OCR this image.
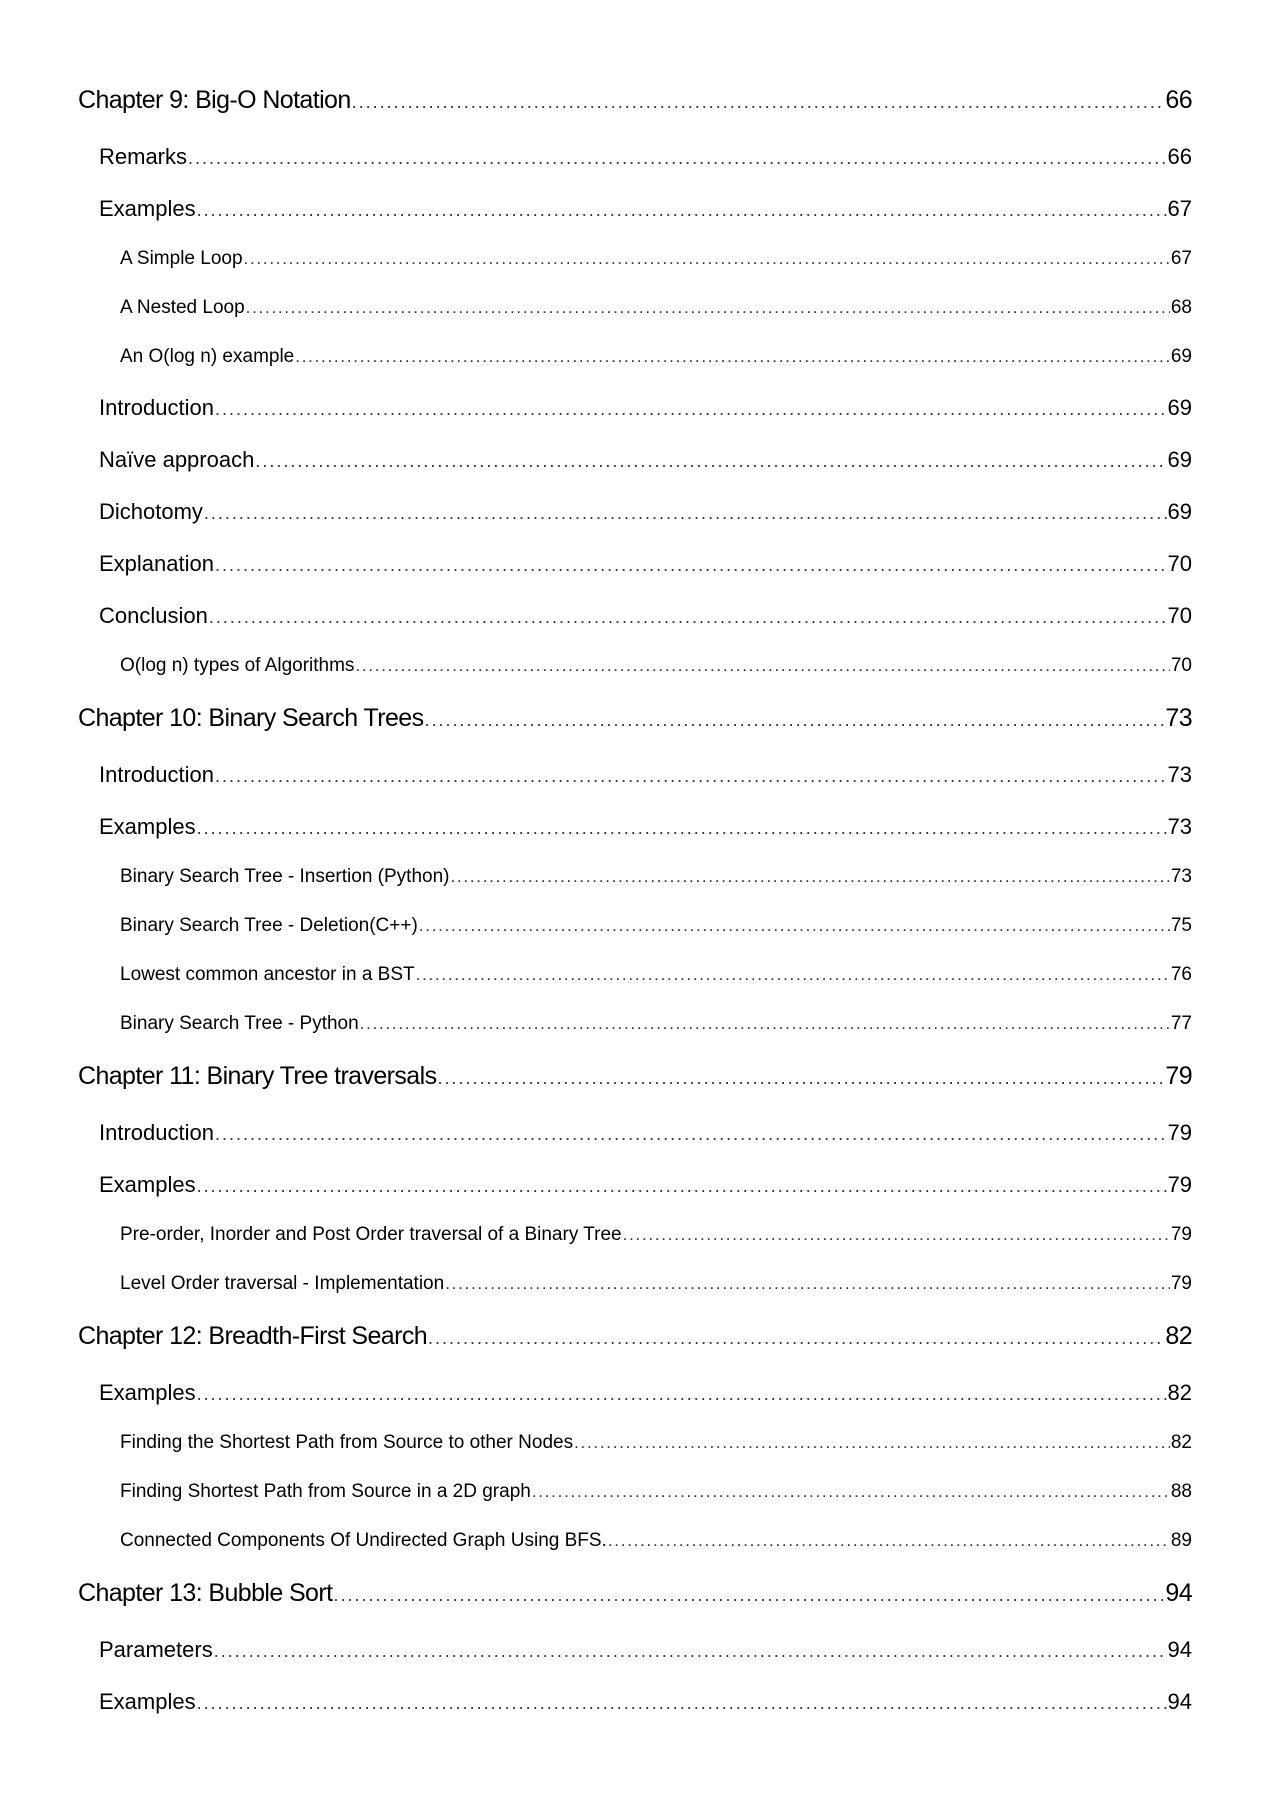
Chapter 9: Big-O Notation . . .	66
Remarks . . .	66
Examples . . .	67
A Simple Loop . . .	67
A Nested Loop . . .	68
An O(log n) example . . .	69
Introduction . . .	69
Naïve approach . . .	69
Dichotomy . . .	69
Explanation . . .	70
Conclusion . . .	70
O(log n) types of Algorithms . . .	70
Chapter 10: Binary Search Trees . . .	73
Introduction . . .	73
Examples . . .	73
Binary Search Tree - Insertion (Python) . . .	73
Binary Search Tree - Deletion(C++) . . .	75
Lowest common ancestor in a BST . . .	76
Binary Search Tree - Python . . .	77
Chapter 11: Binary Tree traversals . . .	79
Introduction . . .	79
Examples . . .	79
Pre-order, Inorder and Post Order traversal of a Binary Tree . . .	79
Level Order traversal - Implementation . . .	79
Chapter 12: Breadth-First Search . . .	82
Examples . . .	82
Finding the Shortest Path from Source to other Nodes . . .	82
Finding Shortest Path from Source in a 2D graph . . .	88
Connected Components Of Undirected Graph Using BFS. . . .	89
Chapter 13: Bubble Sort . . .	94
Parameters . . .	94
Examples . . .	94
